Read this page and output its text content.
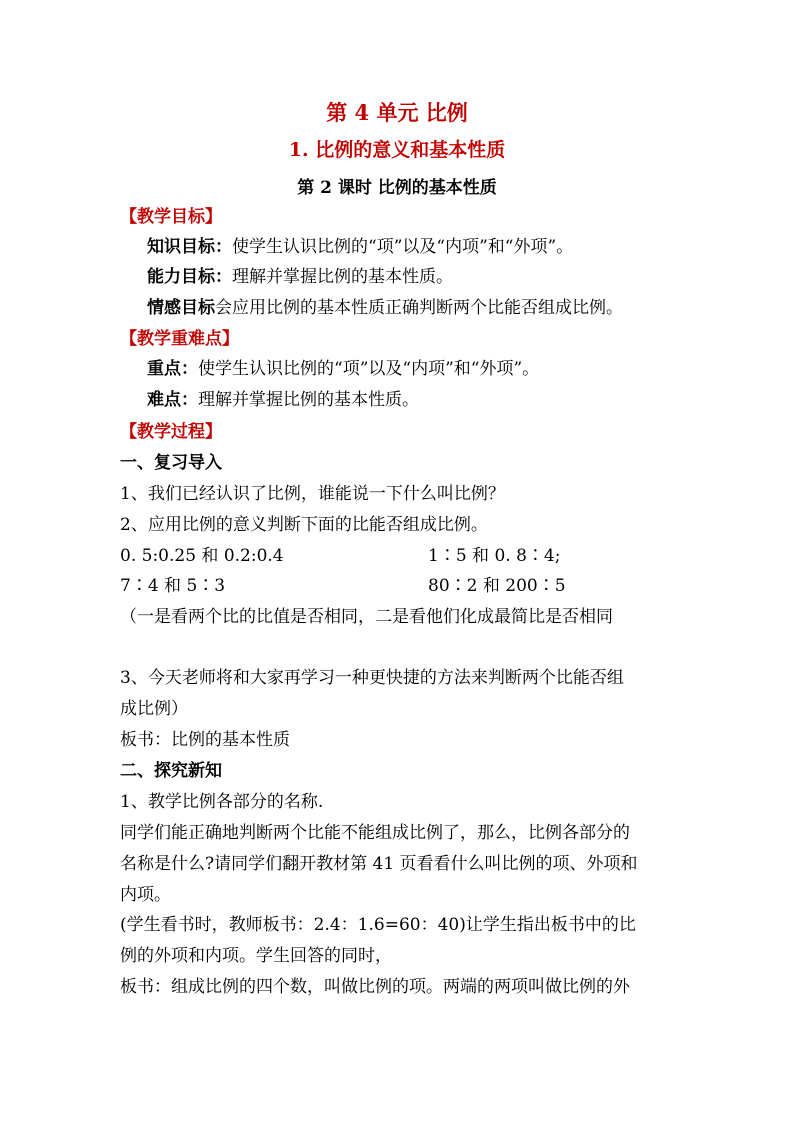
第 4 单元 比例
1. 比例的意义和基本性质
第 2 课时 比例的基本性质
【教学目标】
知识目标：使学生认识比例的“项”以及“内项”和“外项”。
能力目标：理解并掌握比例的基本性质。
情感目标会应用比例的基本性质正确判断两个比能否组成比例。
【教学重难点】
重点：使学生认识比例的“项”以及“内项”和“外项”。
难点：理解并掌握比例的基本性质。
【教学过程】
一、复习导入
1、我们已经认识了比例，谁能说一下什么叫比例？
2、应用比例的意义判断下面的比能否组成比例。
0. 5:0.25 和 0.2:0.4	1∶5 和 0. 8∶4;
7∶4 和 5∶3	80∶2 和 200∶5
（一是看两个比的比值是否相同，二是看他们化成最简比是否相同
3、今天老师将和大家再学习一种更快捷的方法来判断两个比能否组
成比例）
板书：比例的基本性质
二、探究新知
1、教学比例各部分的名称.
同学们能正确地判断两个比能不能组成比例了，那么，比例各部分的
名称是什么?请同学们翻开教材第 41 页看看什么叫比例的项、外项和
内项。
(学生看书时，教师板书：2.4：1.6=60：40)让学生指出板书中的比
例的外项和内项。学生回答的同时，
板书：组成比例的四个数，叫做比例的项。两端的两项叫做比例的外
